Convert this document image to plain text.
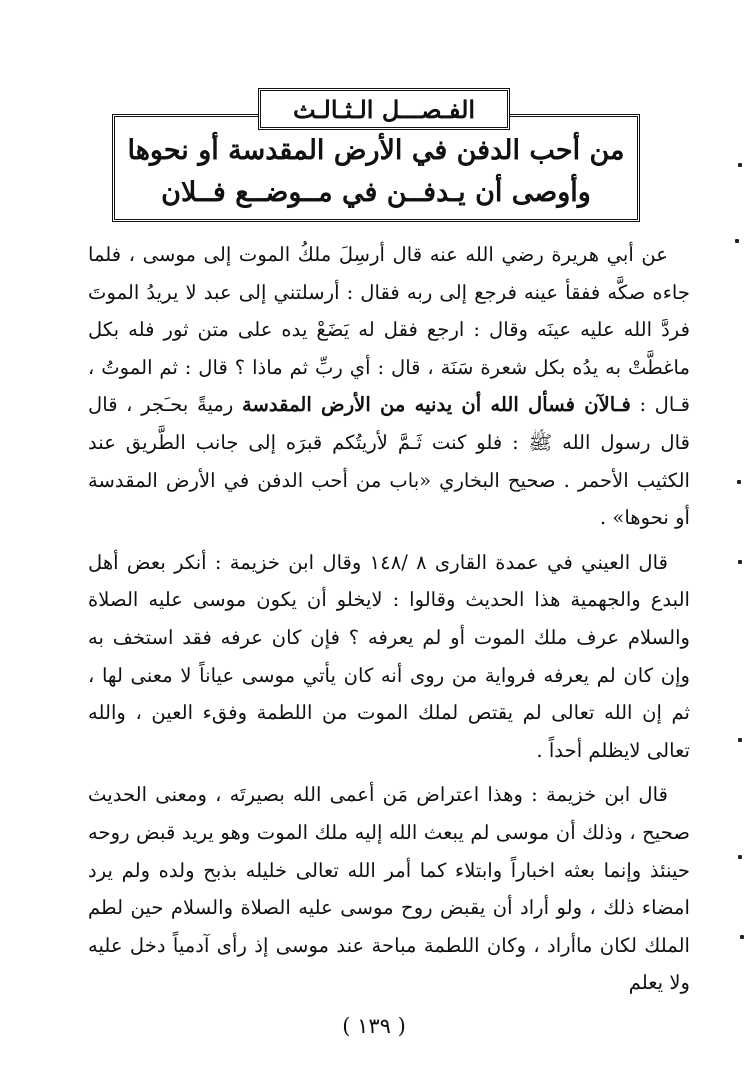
من أحب الدفن في الأرض المقدسة أو نحوها
وأوصى أن يـدفــن في مــوضــع فــلان
الفـصـــل الـثـالـث

عن أبي هريرة رضي الله عنه قال أرسِلَ ملكُ الموت إلى موسى ، فلما جاءه صكَّه ففقأ عينه فرجع إلى ربه فقال : أرسلتني إلى عبد لا يريدُ الموتَ فردَّ الله عليه عينَه وقال : ارجع فقل له يَضَعْ يده على متن ثور فله بكل ماغطَّتْ به يدُه بكل شعرة سَنَة ، قال : أي ربِّ ثم ماذا ؟ قال : ثم الموتُ ، قـال : فـالآن فسأل الله أن يدنيه من الأرض المقدسة رميةً بحـَجر ، قال قال رسول الله ﷺ : فلو كنت ثَـمَّ لأريتُكم قبرَه إلى جانب الطَّريق عند الكثيب الأحمر . صحيح البخاري «باب من أحب الدفن في الأرض المقدسة أو نحوها» .

قال العيني في عمدة القارى ٨ /١٤٨ وقال ابن خزيمة : أنكر بعض أهل البدع والجهمية هذا الحديث وقالوا : لايخلو أن يكون موسى عليه الصلاة والسلام عرف ملك الموت أو لم يعرفه ؟ فإن كان عرفه فقد استخف به وإن كان لم يعرفه فرواية من روى أنه كان يأتي موسى عياناً لا معنى لها ، ثم إن الله تعالى لم يقتص لملك الموت من اللطمة وفقء العين ، والله تعالى لايظلم أحداً .

قال ابن خزيمة : وهذا اعتراض مَن أعمى الله بصيرتَه ، ومعنى الحديث صحيح ، وذلك أن موسى لم يبعث الله إليه ملك الموت وهو يريد قبض روحه حينئذ وإنما بعثه اخباراً وابتلاء كما أمر الله تعالى خليله بذبح ولده ولم يرد امضاء ذلك ، ولو أراد أن يقبض روح موسى عليه الصلاة والسلام حين لطم الملك لكان ماأراد ، وكان اللطمة مباحة عند موسى إذ رأى آدمياً دخل عليه ولا يعلم

( ١٣٩ )
